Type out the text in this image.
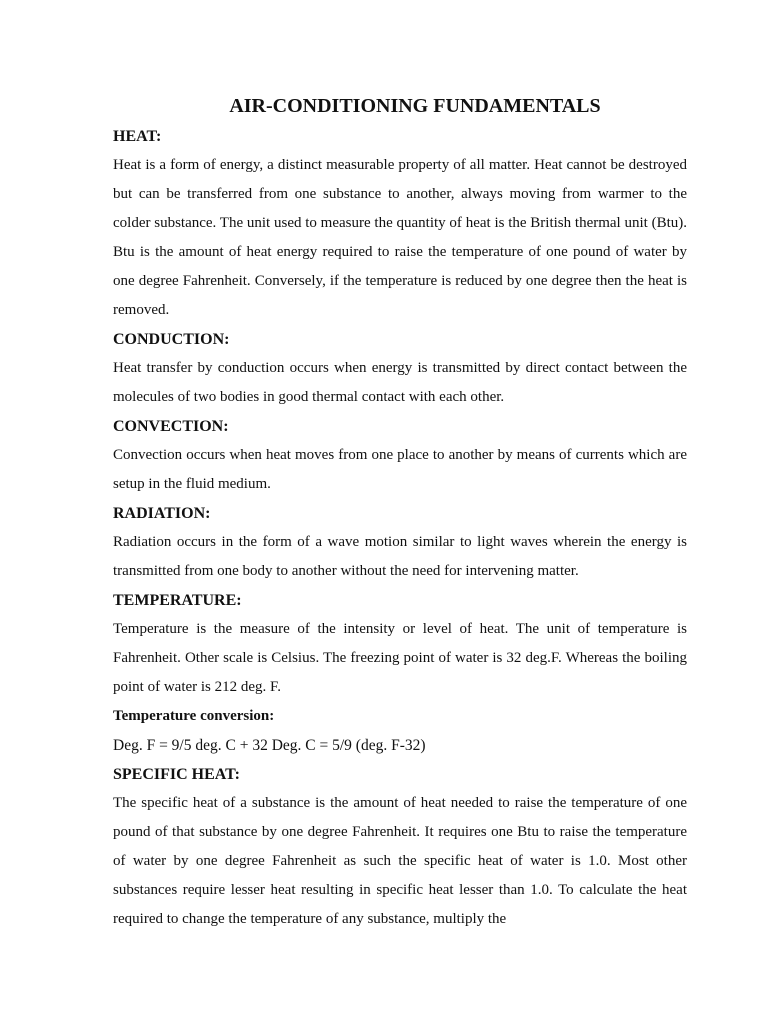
AIR-CONDITIONING FUNDAMENTALS
HEAT:

Heat is a form of energy, a distinct measurable property of all matter. Heat cannot be destroyed but can be transferred from one substance to another, always moving from warmer to the colder substance. The unit used to measure the quantity of heat is the British thermal unit (Btu). Btu is the amount of heat energy required to raise the temperature of one pound of water by one degree Fahrenheit. Conversely, if the temperature is reduced by one degree then the heat is removed.

CONDUCTION:

Heat transfer by conduction occurs when energy is transmitted by direct contact between the molecules of two bodies in good thermal contact with each other.

CONVECTION:

Convection occurs when heat moves from one place to another by means of currents which are setup in the fluid medium.

RADIATION:

Radiation occurs in the form of a wave motion similar to light waves wherein the energy is transmitted from one body to another without the need for intervening matter.

TEMPERATURE:

Temperature is the measure of the intensity or level of heat. The unit of temperature is Fahrenheit. Other scale is Celsius. The freezing point of water is 32 deg.F. Whereas the boiling point of water is 212 deg. F.

Temperature conversion:

Deg. F = 9/5 deg. C + 32 Deg. C = 5/9 (deg. F-32)

SPECIFIC HEAT:

The specific heat of a substance is the amount of heat needed to raise the temperature of one pound of that substance by one degree Fahrenheit. It requires one Btu to raise the temperature of water by one degree Fahrenheit as such the specific heat of water is 1.0. Most other substances require lesser heat resulting in specific heat lesser than 1.0. To calculate the heat required to change the temperature of any substance, multiply the
